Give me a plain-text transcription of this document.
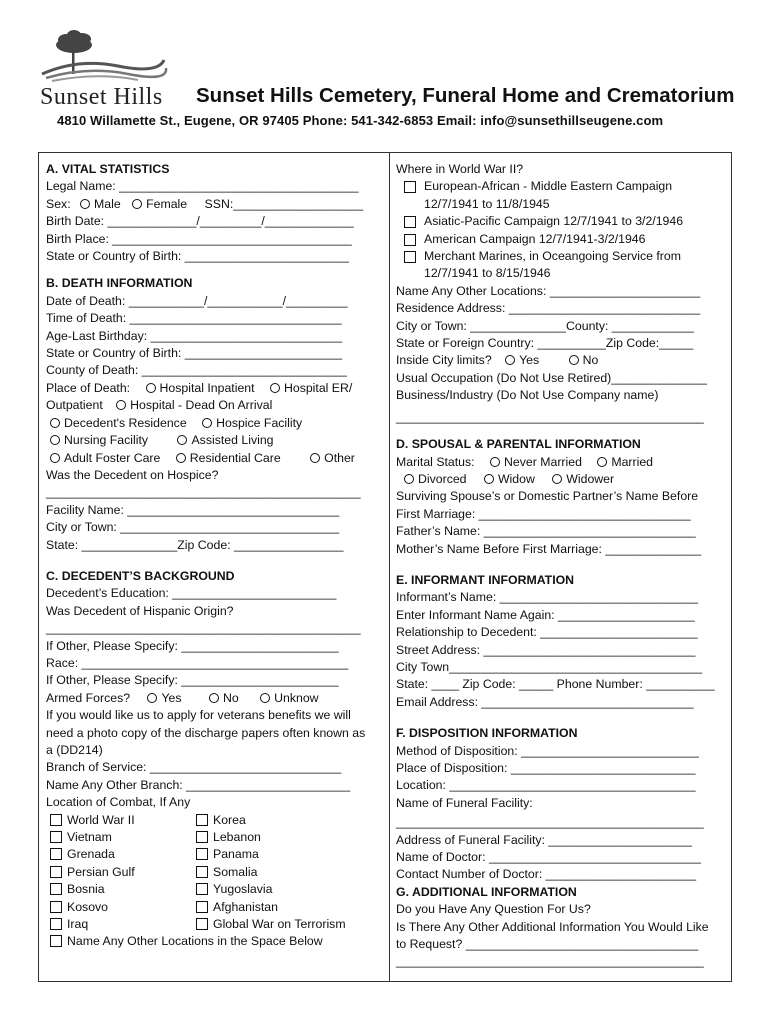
Sunset Hills Sunset Hills Cemetery, Funeral Home and Crematorium
4810 Willamette St., Eugene, OR 97405 Phone: 541-342-6853 Email: info@sunsethillseugene.com
A. VITAL STATISTICS
Legal Name: ___________________________________
Sex: Male Female SSN:___________________
Birth Date: _____________/_________/_____________
Birth Place: ___________________________________
State or Country of Birth: ________________________
B. DEATH INFORMATION
Date of Death: ___________/___________/_________
Time of Death: _______________________________
Age-Last Birthday: ____________________________
State or Country of Birth: _______________________
County of Death: ______________________________
Place of Death: Hospital Inpatient Hospital ER/
Outpatient Hospital - Dead On Arrival
Decedent's Residence Hospice Facility
Nursing Facility	Assisted Living
Adult Foster Care Residential Care	Other
Was the Decedent on Hospice?
______________________________________________
Facility Name: _______________________________
City or Town: ________________________________
State: ______________Zip Code: ________________
C. DECEDENT’S BACKGROUND
Decedent’s Education: ________________________
Was Decedent of Hispanic Origin?
______________________________________________
If Other, Please Specify: _______________________
Race: _______________________________________
If Other, Please Specify: _______________________
Armed Forces?	Yes	No	Unknow
If you would like us to apply for veterans benefits we will
need a photo copy of the discharge papers often known as
a (DD214)
Branch of Service: ____________________________
Name Any Other Branch: ________________________
Location of Combat, If Any
World War II	Korea
Vietnam	Lebanon
Grenada	Panama
Persian Gulf	Somalia
Bosnia	Yugoslavia
Kosovo	Afghanistan
Iraq	Global War on Terrorism
Name Any Other Locations in the Space Below
Where in World War II?
European-African - Middle Eastern Campaign
12/7/1941 to 11/8/1945
Asiatic-Pacific Campaign 12/7/1941 to 3/2/1946
American Campaign 12/7/1941-3/2/1946
Merchant Marines, in Oceangoing Service from
12/7/1941 to 8/15/1946
Name Any Other Locations: ______________________
Residence Address: ____________________________
City or Town: ______________County: ____________
State or Foreign Country: __________Zip Code:_____
Inside City limits? Yes	No
Usual Occupation (Do Not Use Retired)______________
Business/Industry (Do Not Use Company name)
_____________________________________________
D. SPOUSAL & PARENTAL INFORMATION
Marital Status: Never Married Married
Divorced	Widow	Widower
Surviving Spouse’s or Domestic Partner’s Name Before
First Marriage: _______________________________
Father’s Name: _______________________________
Mother’s Name Before First Marriage: ______________
E. INFORMANT INFORMATION
Informant’s Name: _____________________________
Enter Informant Name Again: ____________________
Relationship to Decedent: _______________________
Street Address: _______________________________
City Town_____________________________________
State: ____ Zip Code: _____ Phone Number: __________
Email Address: _______________________________
F. DISPOSITION INFORMATION
Method of Disposition: __________________________
Place of Disposition: ___________________________
Location: ____________________________________
Name of Funeral Facility:
_____________________________________________
Address of Funeral Facility: _____________________
Name of Doctor: _______________________________
Contact Number of Doctor: ______________________
G. ADDITIONAL INFORMATION
Do you Have Any Question For Us?
Is There Any Other Additional Information You Would Like
to Request? __________________________________
_____________________________________________
